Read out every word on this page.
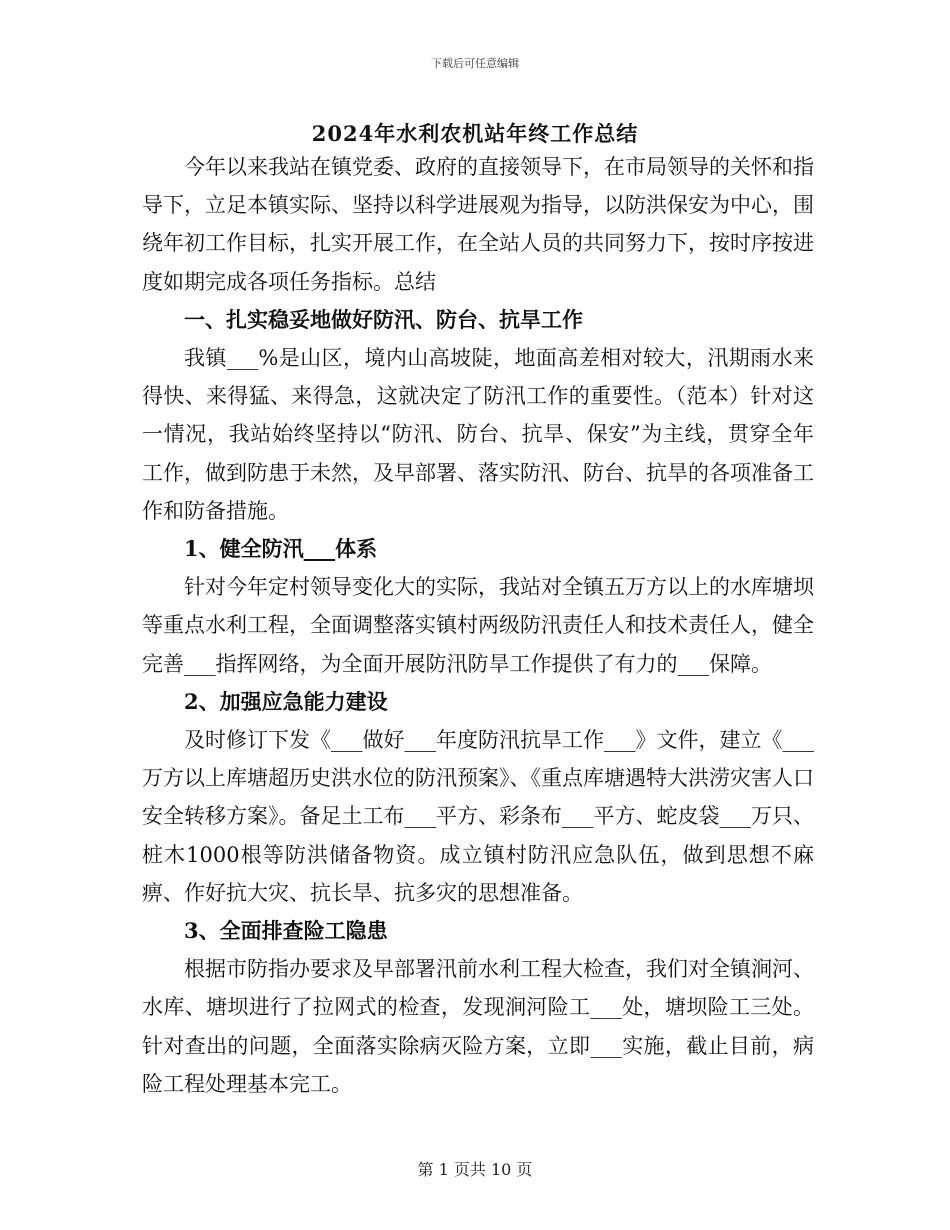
下载后可任意编辑
2024年水利农机站年终工作总结

今年以来我站在镇党委、政府的直接领导下，在市局领导的关怀和指导下，立足本镇实际、坚持以科学进展观为指导，以防洪保安为中心，围绕年初工作目标，扎实开展工作，在全站人员的共同努力下，按时序按进度如期完成各项任务指标。总结

一、扎实稳妥地做好防汛、防台、抗旱工作

我镇___%是山区，境内山高坡陡，地面高差相对较大，汛期雨水来得快、来得猛、来得急，这就决定了防汛工作的重要性。（范本）针对这一情况，我站始终坚持以“防汛、防台、抗旱、保安”为主线，贯穿全年工作，做到防患于未然，及早部署、落实防汛、防台、抗旱的各项准备工作和防备措施。

1、健全防汛___体系

针对今年定村领导变化大的实际，我站对全镇五万方以上的水库塘坝等重点水利工程，全面调整落实镇村两级防汛责任人和技术责任人，健全完善___指挥网络，为全面开展防汛防旱工作提供了有力的___保障。

2、加强应急能力建设

及时修订下发《___做好___年度防汛抗旱工作___》文件，建立《___万方以上库塘超历史洪水位的防汛预案》、《重点库塘遇特大洪涝灾害人口安全转移方案》。备足土工布___平方、彩条布___平方、蛇皮袋___万只、桩木1000根等防洪储备物资。成立镇村防汛应急队伍，做到思想不麻痹、作好抗大灾、抗长旱、抗多灾的思想准备。

3、全面排查险工隐患

根据市防指办要求及早部署汛前水利工程大检查，我们对全镇涧河、水库、塘坝进行了拉网式的检查，发现涧河险工___处，塘坝险工三处。针对查出的问题，全面落实除病灭险方案，立即___实施，截止目前，病险工程处理基本完工。

第 1 页共 10 页
